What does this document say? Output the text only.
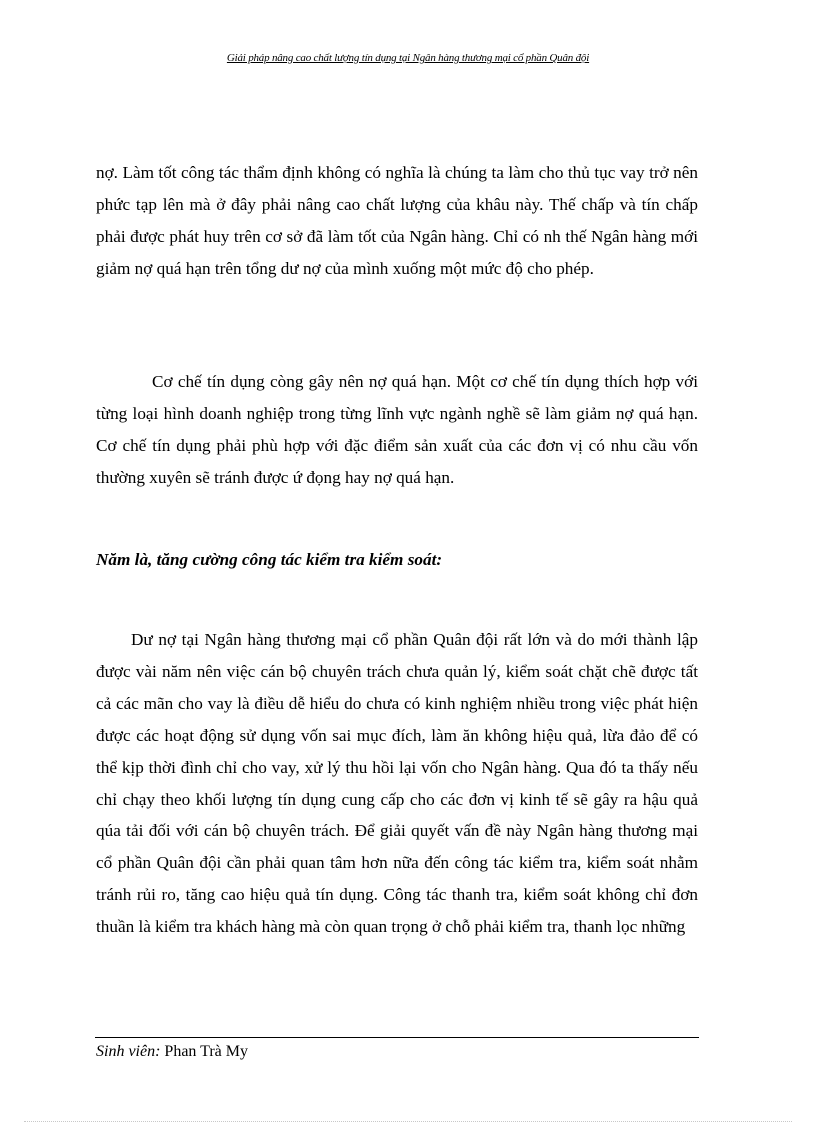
Giải pháp nâng cao chất lượng tín dụng tại Ngân hàng thương mại cổ phần Quân đội

nợ. Làm tốt công tác thẩm định không có nghĩa là chúng ta làm cho thủ tục vay trở nên phức tạp lên mà ở đây phải nâng cao chất lượng của khâu này. Thế chấp và tín chấp phải được phát huy trên cơ sở đã làm tốt của Ngân hàng. Chỉ có nh thế Ngân hàng mới giảm nợ quá hạn trên tổng dư nợ của mình xuống một mức độ cho phép.

Cơ chế tín dụng còng gây nên nợ quá hạn. Một cơ chế tín dụng thích hợp với từng loại hình doanh nghiệp trong từng lĩnh vực ngành nghề sẽ làm giảm nợ quá hạn. Cơ chế tín dụng phải phù hợp với đặc điểm sản xuất của các đơn vị có nhu cầu vốn thường xuyên sẽ tránh được ứ đọng hay nợ quá hạn.

Năm là, tăng cường công tác kiểm tra kiểm soát:

Dư nợ tại Ngân hàng thương mại cổ phần Quân đội rất lớn và do mới thành lập được vài năm nên việc cán bộ chuyên trách chưa quản lý, kiểm soát chặt chẽ được tất cả các mãn cho vay là điều dễ hiểu do chưa có kinh nghiệm nhiều trong việc phát hiện được các hoạt động sử dụng vốn sai mục đích, làm ăn không hiệu quả, lừa đảo để có thể kịp thời đình chỉ cho vay, xử lý thu hồi lại vốn cho Ngân hàng. Qua đó ta thấy nếu chỉ chạy theo khối lượng tín dụng cung cấp cho các đơn vị kinh tế sẽ gây ra hậu quả qúa tải đối với cán bộ chuyên trách. Để giải quyết vấn đề này Ngân hàng thương mại cổ phần Quân đội cần phải quan tâm hơn nữa đến công tác kiểm tra, kiểm soát nhằm tránh rủi ro, tăng cao hiệu quả tín dụng. Công tác thanh tra, kiểm soát không chỉ đơn thuần là kiểm tra khách hàng mà còn quan trọng ở chỗ phải kiểm tra, thanh lọc những

Sinh viên: Phan Trà My
